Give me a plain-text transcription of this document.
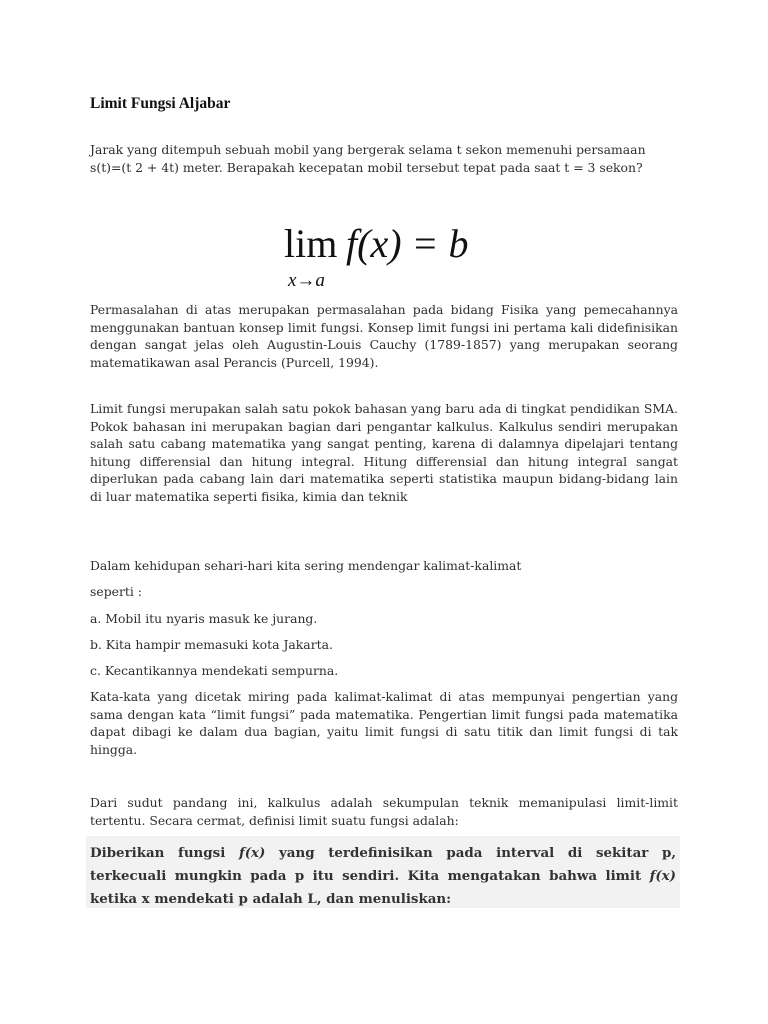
Limit Fungsi Aljabar

Jarak yang ditempuh sebuah mobil yang bergerak selama t sekon memenuhi persamaan s(t)=(t 2 + 4t) meter. Berapakah kecepatan mobil tersebut tepat pada saat t = 3 sekon?

lim
x→a
f(x) = b

Permasalahan di atas merupakan permasalahan pada bidang Fisika yang pemecahannya menggunakan bantuan konsep limit fungsi. Konsep limit fungsi ini pertama kali didefinisikan dengan sangat jelas oleh Augustin-Louis Cauchy (1789-1857) yang merupakan seorang matematikawan asal Perancis (Purcell, 1994).

Limit fungsi merupakan salah satu pokok bahasan yang baru ada di tingkat pendidikan SMA. Pokok bahasan ini merupakan bagian dari pengantar kalkulus. Kalkulus sendiri merupakan salah satu cabang matematika yang sangat penting, karena di dalamnya dipelajari tentang hitung differensial dan hitung integral. Hitung differensial dan hitung integral sangat diperlukan pada cabang lain dari matematika seperti statistika maupun bidang-bidang lain di luar matematika seperti fisika, kimia dan teknik

Dalam kehidupan sehari-hari kita sering mendengar kalimat-kalimat

seperti :

a. Mobil itu nyaris masuk ke jurang.

b. Kita hampir memasuki kota Jakarta.

c. Kecantikannya mendekati sempurna.

Kata-kata yang dicetak miring pada kalimat-kalimat di atas mempunyai pengertian yang sama dengan kata “limit fungsi” pada matematika. Pengertian limit fungsi pada matematika dapat dibagi ke dalam dua bagian, yaitu limit fungsi di satu titik dan limit fungsi di tak hingga.

Dari sudut pandang ini, kalkulus adalah sekumpulan teknik memanipulasi limit-limit tertentu. Secara cermat, definisi limit suatu fungsi adalah:

Diberikan fungsi f(x) yang terdefinisikan pada interval di sekitar p, terkecuali mungkin pada p itu sendiri. Kita mengatakan bahwa limit f(x) ketika x mendekati p adalah L, dan menuliskan:
